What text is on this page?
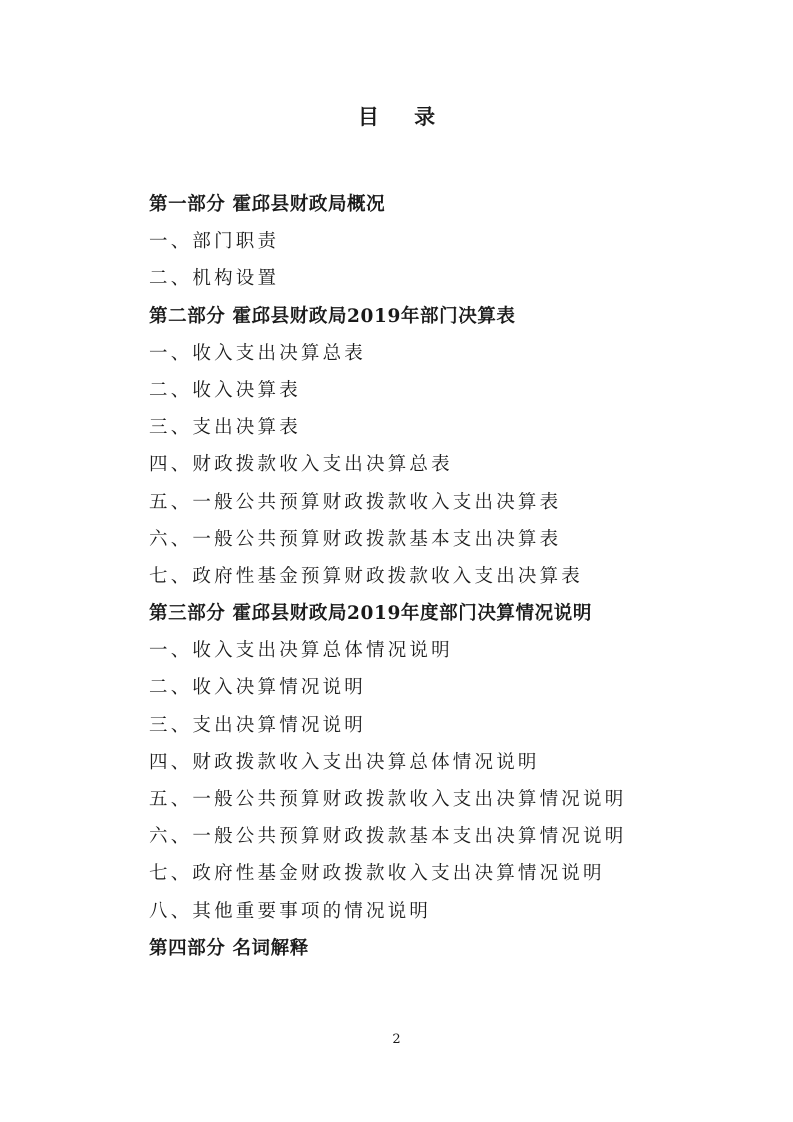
目 录
第一部分 霍邱县财政局概况
一、部门职责
二、机构设置
第二部分 霍邱县财政局2019年部门决算表
一、收入支出决算总表
二、收入决算表
三、支出决算表
四、财政拨款收入支出决算总表
五、一般公共预算财政拨款收入支出决算表
六、一般公共预算财政拨款基本支出决算表
七、政府性基金预算财政拨款收入支出决算表
第三部分 霍邱县财政局2019年度部门决算情况说明
一、收入支出决算总体情况说明
二、收入决算情况说明
三、支出决算情况说明
四、财政拨款收入支出决算总体情况说明
五、一般公共预算财政拨款收入支出决算情况说明
六、一般公共预算财政拨款基本支出决算情况说明
七、政府性基金财政拨款收入支出决算情况说明
八、其他重要事项的情况说明
第四部分 名词解释
2
